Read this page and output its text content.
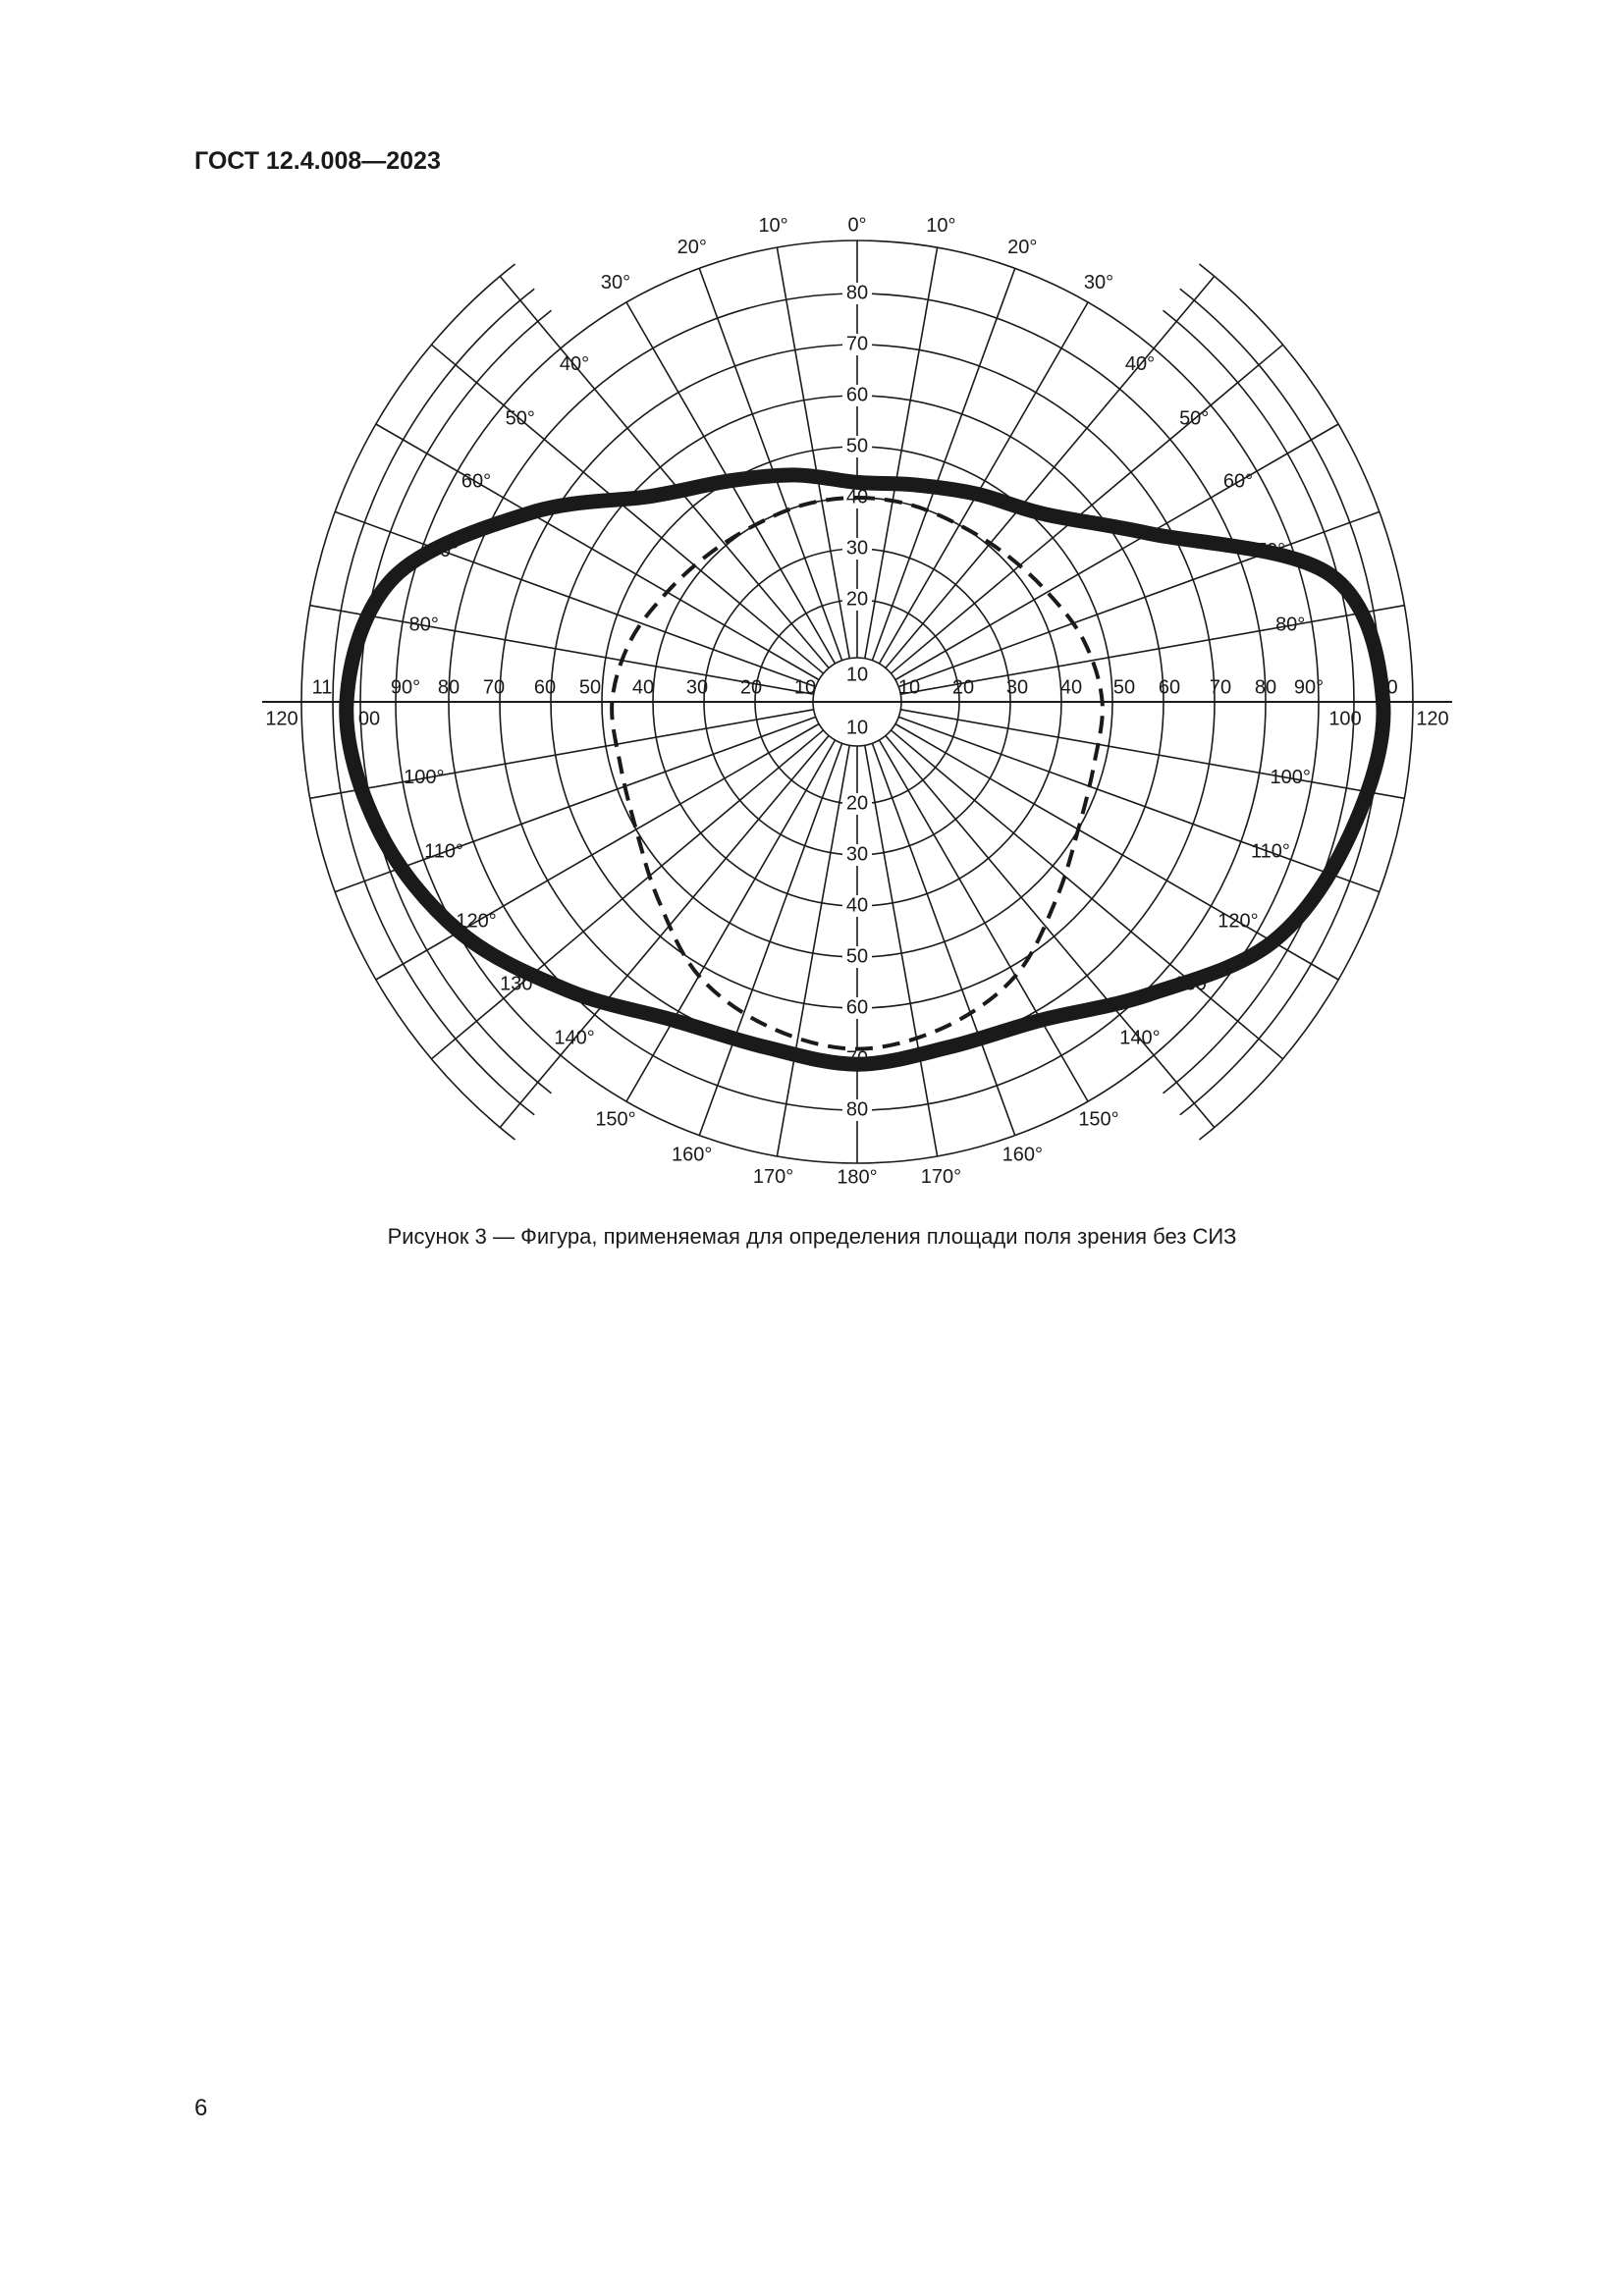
ГОСТ 12.4.008—2023
10
20
30
40
50
60
70
80
10
20
30
40
50
60
70
80
120
11
00
90° 80 70 60 50 40 30 20 10	10 20 30 40 50 60 70 80 90°
100
0
120
0°	10°
20°
30°
40°
50°
60°
70°
80°
100°
110°
120°
130°
140°
150°
160°
170°
180°
10°
20°
30°
40°
50°
60°
70°
80°
100°
110°
120°
130°
140°
150°
160°
170°
Рисунок 3 — Фигура, применяемая для определения площади поля зрения без СИЗ
6
